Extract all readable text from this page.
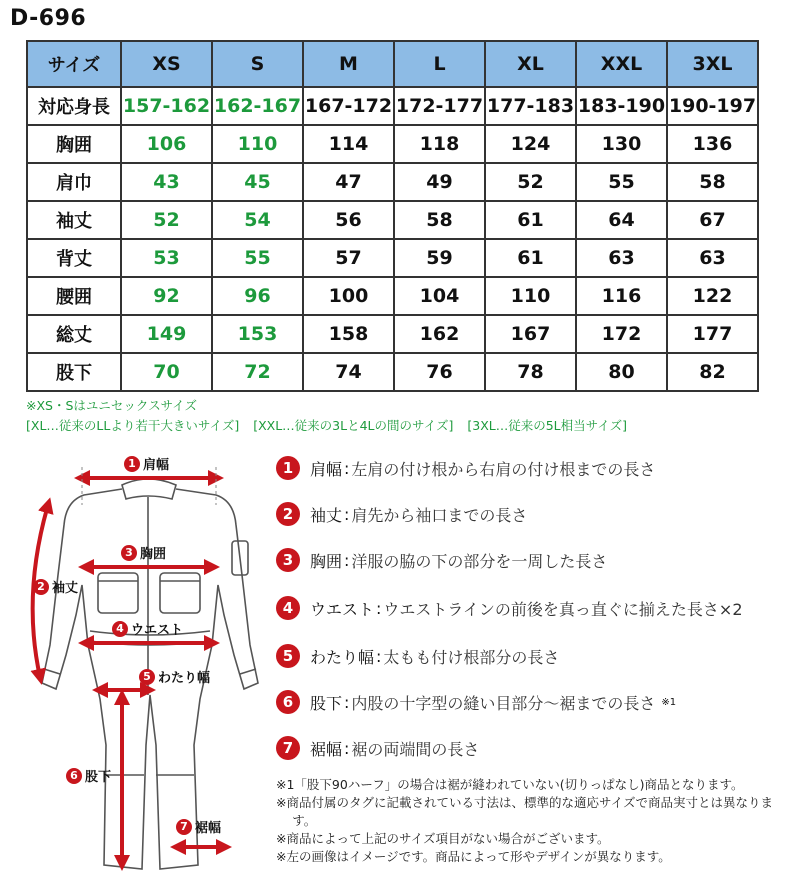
D-696
サイズ	XS	S	M	L	XL	XXL	3XL
対応身長	157-162	162-167	167-172	172-177	177-183	183-190	190-197
胸囲	106	110	114	118	124	130	136
肩巾	43	45	47	49	52	55	58
袖丈	52	54	56	58	61	64	67
背丈	53	55	57	59	61	63	63
腰囲	92	96	100	104	110	116	122
総丈	149	153	158	162	167	172	177
股下	70	72	74	76	78	80	82
※XS・Sはユニセックスサイズ
[XL…従来のLLより若干大きいサイズ] [XXL…従来の3Lと4Lの間のサイズ] [3XL…従来の5L相当サイズ]
1 肩幅
2 袖丈
3 胸囲
4 ウエスト
5 わたり幅
6 股下
7 裾幅
1	肩幅 : 左肩の付け根から右肩の付け根までの長さ
2	袖丈 : 肩先から袖口までの長さ
3	胸囲 : 洋服の脇の下の部分を一周した長さ
4	ウエスト : ウエストラインの前後を真っ直ぐに揃えた長さ×2
5	わたり幅 : 太もも付け根部分の長さ
6	股下 : 内股の十字型の縫い目部分〜裾までの長さ ※1
7	裾幅 : 裾の両端間の長さ
※1「股下90ハーフ」の場合は裾が縫われていない(切りっぱなし)商品となります。
※商品付属のタグに記載されている寸法は、標準的な適応サイズで商品実寸とは異なります。
※商品によって上記のサイズ項目がない場合がございます。
※左の画像はイメージです。商品によって形やデザインが異なります。
